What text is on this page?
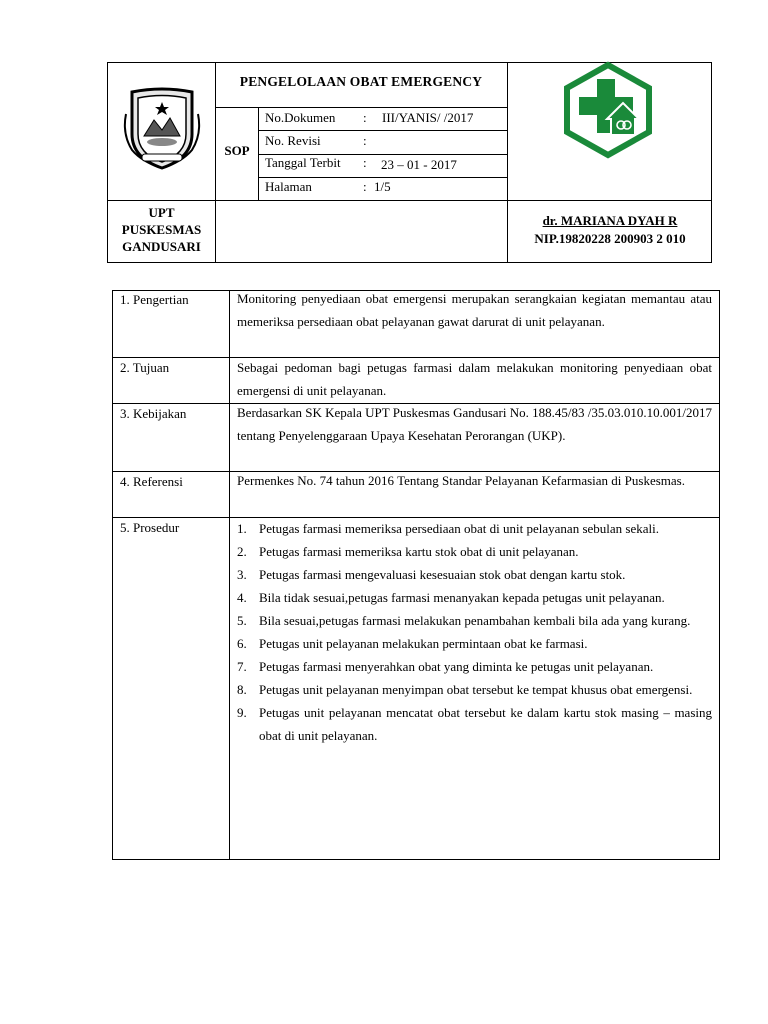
PENGELOLAAN OBAT EMERGENCY
SOP
No.Dokumen : III/YANIS/ /2017
No. Revisi	:
Tanggal Terbit : 23 – 01 - 2017
Halaman	: 1/5
UPT
PUSKESMAS
GANDUSARI
dr. MARIANA DYAH R
NIP.19820228 200903 2 010
1. Pengertian	Monitoring penyediaan obat emergensi merupakan serangkaian kegiatan memantau atau memeriksa persediaan obat pelayanan gawat darurat di unit pelayanan.
2. Tujuan	Sebagai pedoman bagi petugas farmasi dalam melakukan monitoring penyediaan obat emergensi di unit pelayanan.
3. Kebijakan	Berdasarkan SK Kepala UPT Puskesmas Gandusari No. 188.45/83 /35.03.010.10.001/2017 tentang Penyelenggaraan Upaya Kesehatan Perorangan (UKP).
4. Referensi	Permenkes No. 74 tahun 2016 Tentang Standar Pelayanan Kefarmasian di Puskesmas.
5. Prosedur	1. Petugas farmasi memeriksa persediaan obat di unit pelayanan sebulan sekali.
2. Petugas farmasi memeriksa kartu stok obat di unit pelayanan.
3. Petugas farmasi mengevaluasi kesesuaian stok obat dengan kartu stok.
4. Bila tidak sesuai,petugas farmasi menanyakan kepada petugas unit pelayanan.
5. Bila sesuai,petugas farmasi melakukan penambahan kembali bila ada yang kurang.
6. Petugas unit pelayanan melakukan permintaan obat ke farmasi.
7. Petugas farmasi menyerahkan obat yang diminta ke petugas unit pelayanan.
8. Petugas unit pelayanan menyimpan obat tersebut ke tempat khusus obat emergensi.
9. Petugas unit pelayanan mencatat obat tersebut ke dalam kartu stok masing – masing obat di unit pelayanan.
